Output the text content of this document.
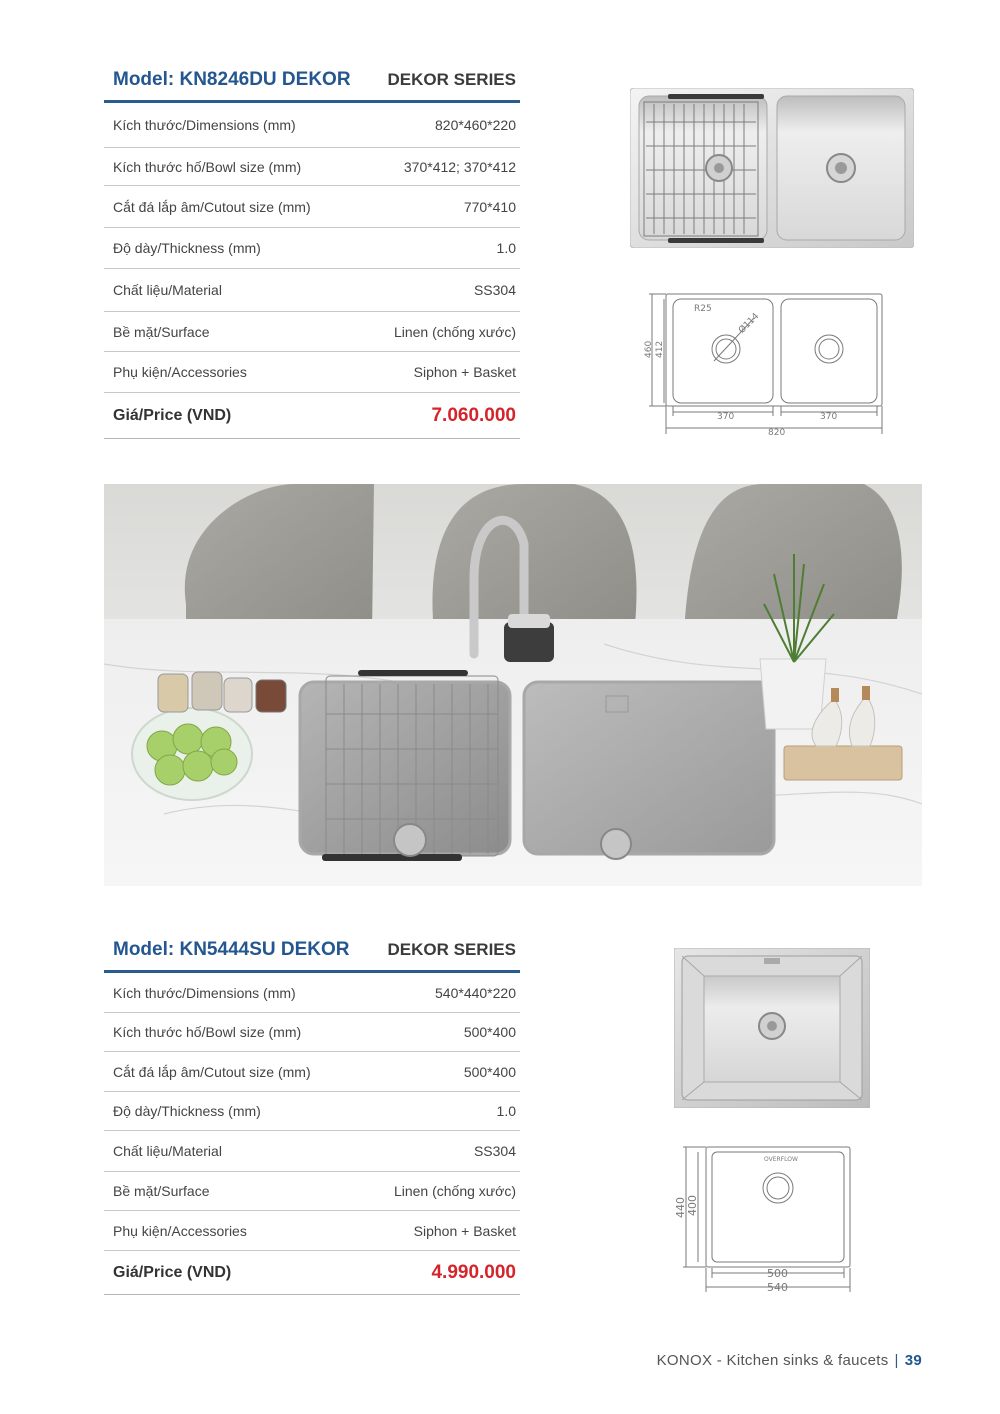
Model: KN8246DU DEKOR DEKOR SERIES
Kích thước/Dimensions (mm)	820*460*220
Kích thước hố/Bowl size (mm)	370*412; 370*412
Cắt đá lắp âm/Cutout size (mm)	770*410
Độ dày/Thickness (mm)	1.0
Chất liệu/Material	SS304
Bề mặt/Surface	Linen (chống xước)
Phụ kiện/Accessories	Siphon + Basket
Giá/Price (VND)	7.060.000
R25
Ø114
460 412
370	370
820
Model: KN5444SU DEKOR DEKOR SERIES
Kích thước/Dimensions (mm)	540*440*220
Kích thước hố/Bowl size (mm)	500*400
Cắt đá lắp âm/Cutout size (mm)	500*400
Độ dày/Thickness (mm)	1.0
Chất liệu/Material	SS304
Bề mặt/Surface	Linen (chống xước)
Phụ kiện/Accessories	Siphon + Basket
Giá/Price (VND)	4.990.000
OVERFLOW
440 400
500
540
KONOX - Kitchen sinks & faucets | 39
